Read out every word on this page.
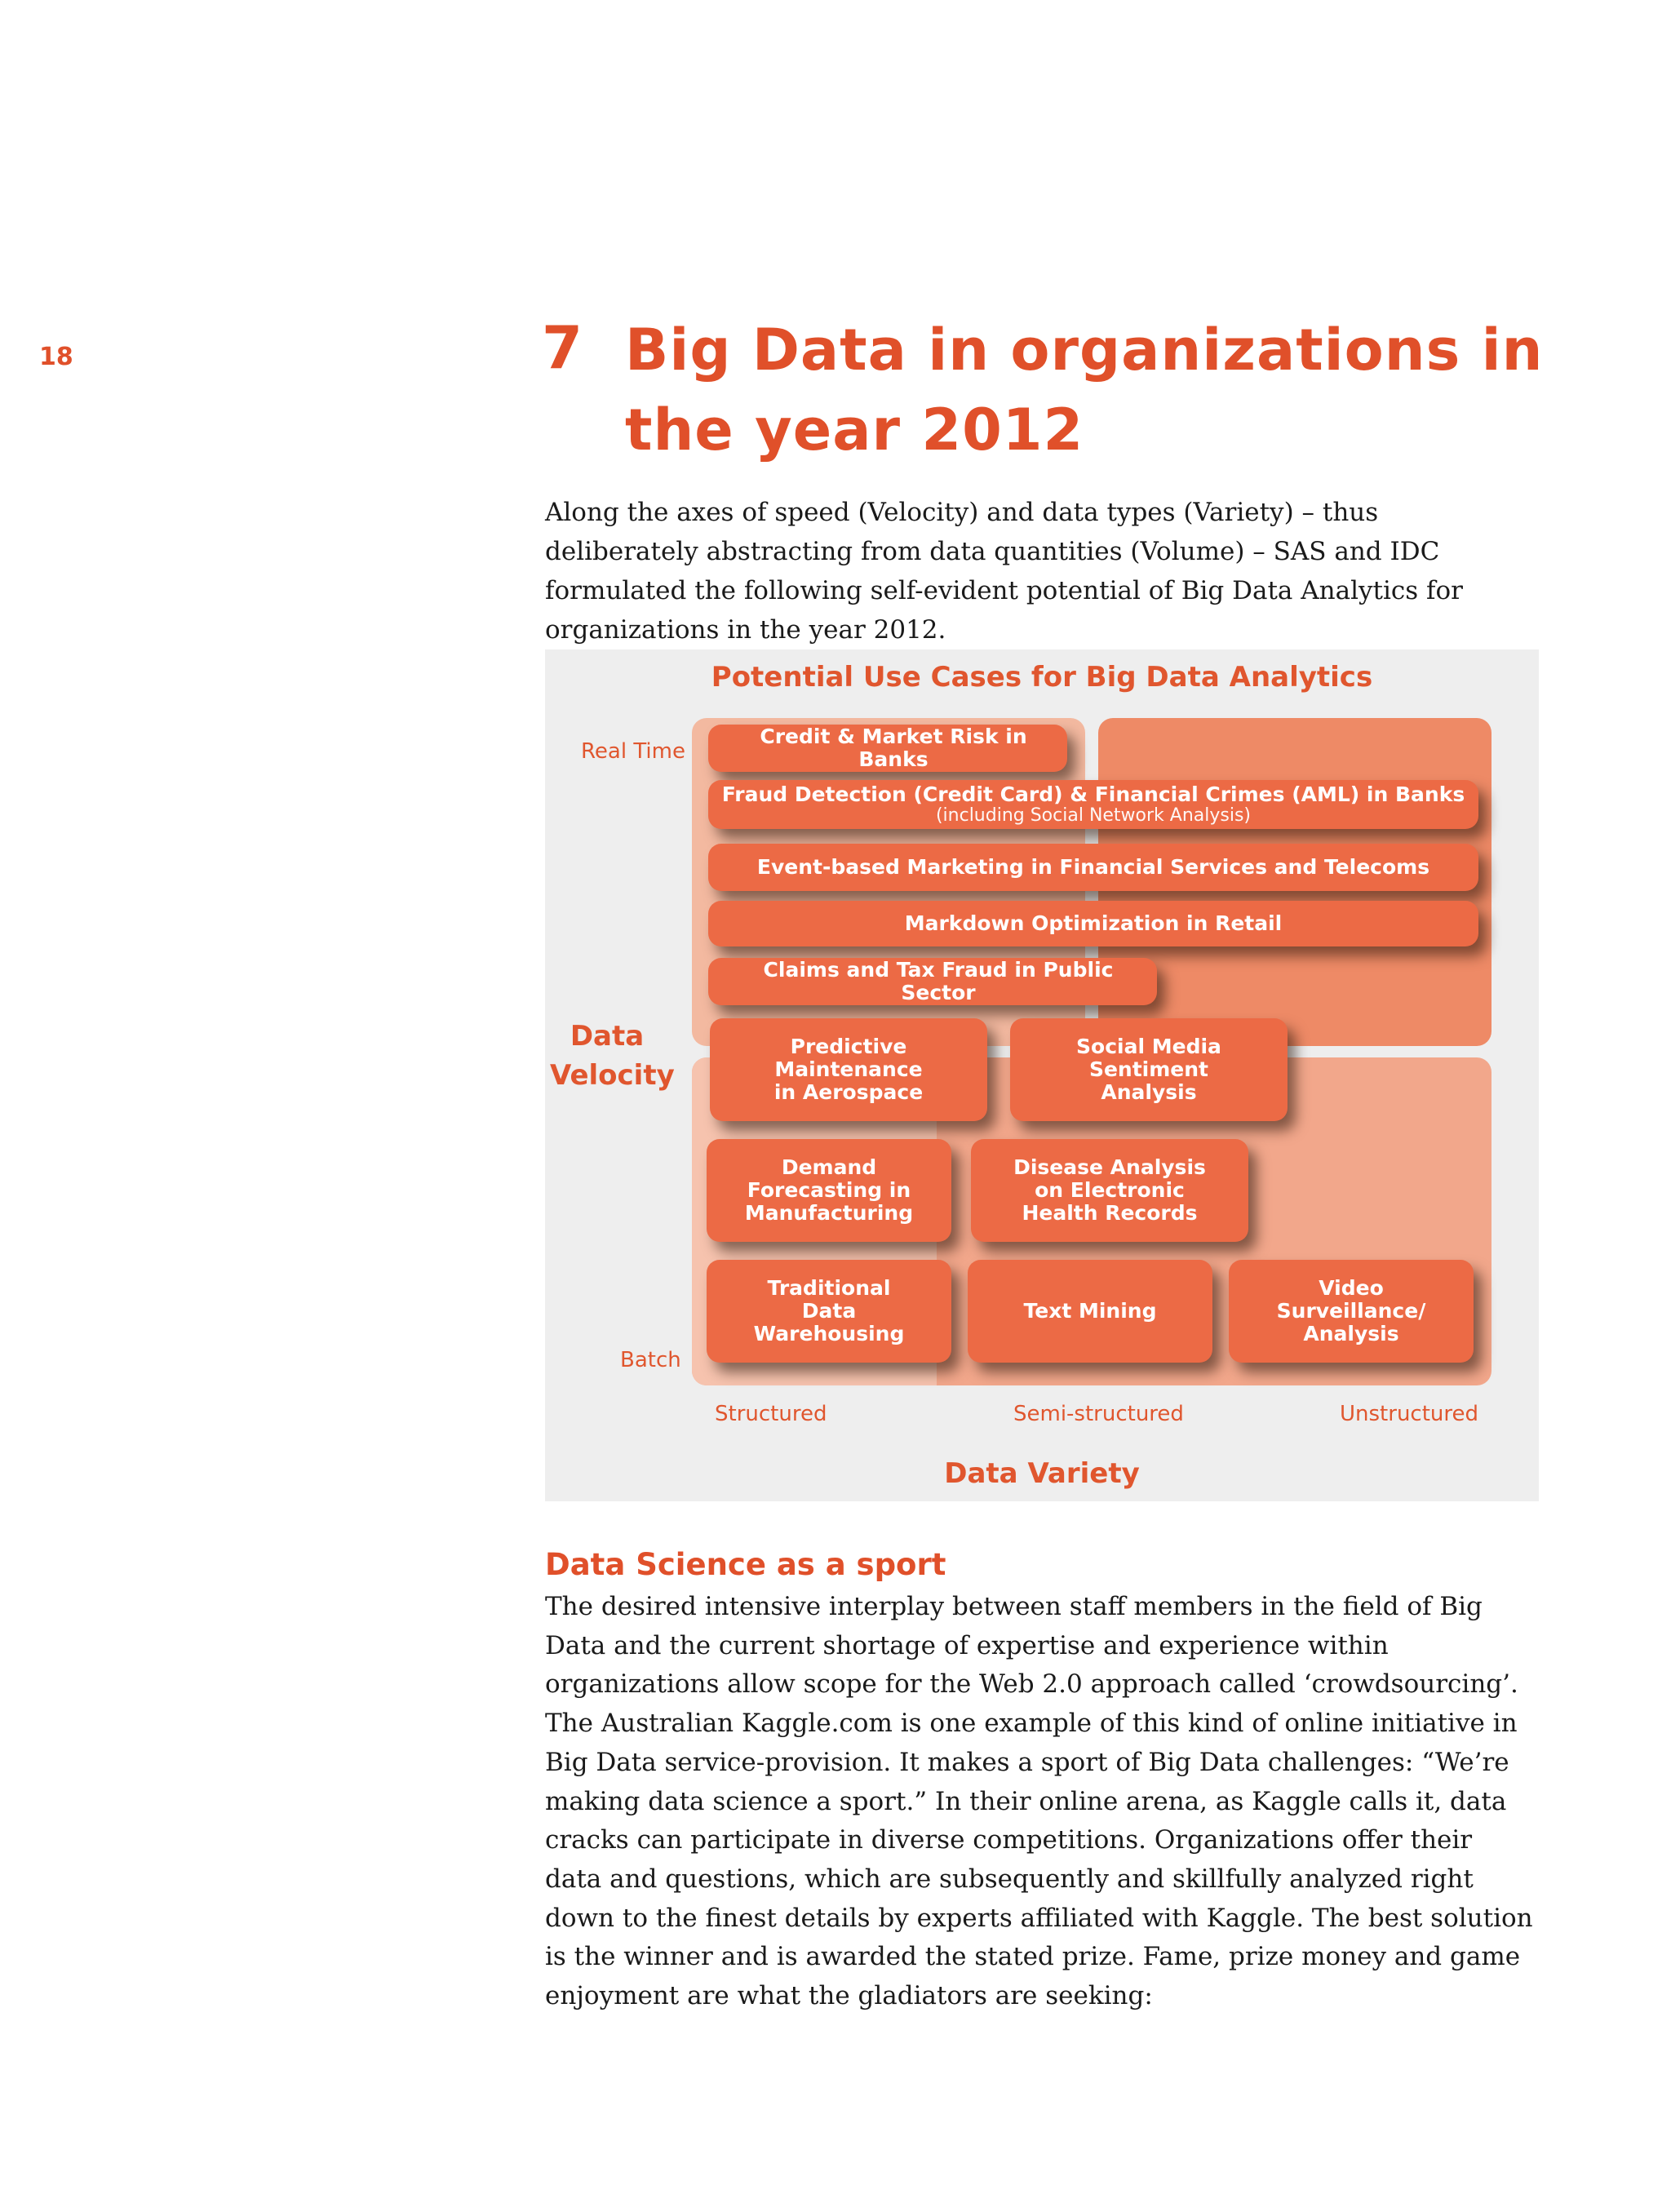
18	7 Big Data in organizations in the year 2012

Along the axes of speed (Velocity) and data types (Variety) – thus deliberately abstracting from data quantities (Volume) – SAS and IDC formulated the following self-evident potential of Big Data Analytics for organizations in the year 2012.

Potential Use Cases for Big Data Analytics
Real Time
Data Velocity
Batch
Credit & Market Risk in Banks
Fraud Detection (Credit Card) & Financial Crimes (AML) in Banks
(including Social Network Analysis)
Event-based Marketing in Financial Services and Telecoms
Markdown Optimization in Retail
Claims and Tax Fraud in Public Sector
Predictive Maintenance in Aerospace
Social Media Sentiment Analysis
Demand Forecasting in Manufacturing
Disease Analysis on Electronic Health Records
Traditional Data Warehousing
Text Mining
Video Surveillance/ Analysis
Structured	Semi-structured	Unstructured
Data Variety
Data Science as a sport

The desired intensive interplay between staff members in the field of Big Data and the current shortage of expertise and experience within organizations allow scope for the Web 2.0 approach called ‘crowdsourcing’. The Australian Kaggle.com is one example of this kind of online initiative in Big Data service-provision. It makes a sport of Big Data challenges: “We’re making data science a sport.” In their online arena, as Kaggle calls it, data cracks can participate in diverse competitions. Organizations offer their data and questions, which are subsequently and skillfully analyzed right down to the finest details by experts affiliated with Kaggle. The best solution is the winner and is awarded the stated prize. Fame, prize money and game enjoyment are what the gladiators are seeking:
